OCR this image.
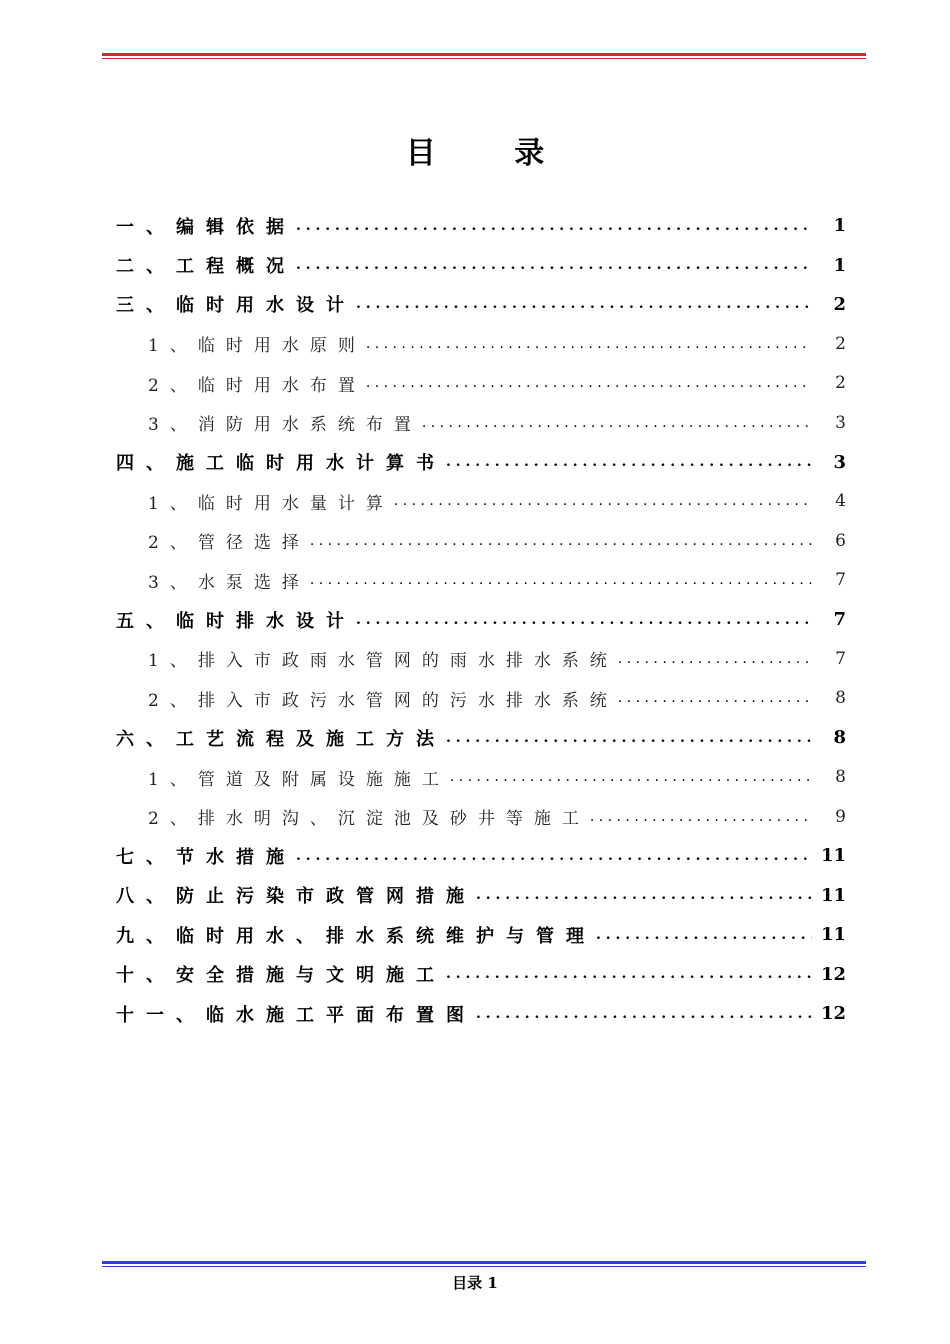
目 录
一、编辑依据 . . .	1
二、工程概况 . . .	1
三、临时用水设计 . . .	2
1、临时用水原则 . . .	2
2、临时用水布置 . . .	2
3、消防用水系统布置 . . .	3
四、施工临时用水计算书 . . .	3
1、临时用水量计算 . . .	4
2、管径选择 . . .	6
3、水泵选择 . . .	7
五、临时排水设计 . . .	7
1、排入市政雨水管网的雨水排水系统 . . .	7
2、排入市政污水管网的污水排水系统 . . .	8
六、工艺流程及施工方法 . . .	8
1、管道及附属设施施工 . . .	8
2、排水明沟、沉淀池及砂井等施工 . . .	9
七、节水措施 . . .	11
八、防止污染市政管网措施 . . .	11
九、临时用水、排水系统维护与管理 . . .	11
十、安全措施与文明施工 . . .	12
十一、临水施工平面布置图 . . .	12
目录 1
